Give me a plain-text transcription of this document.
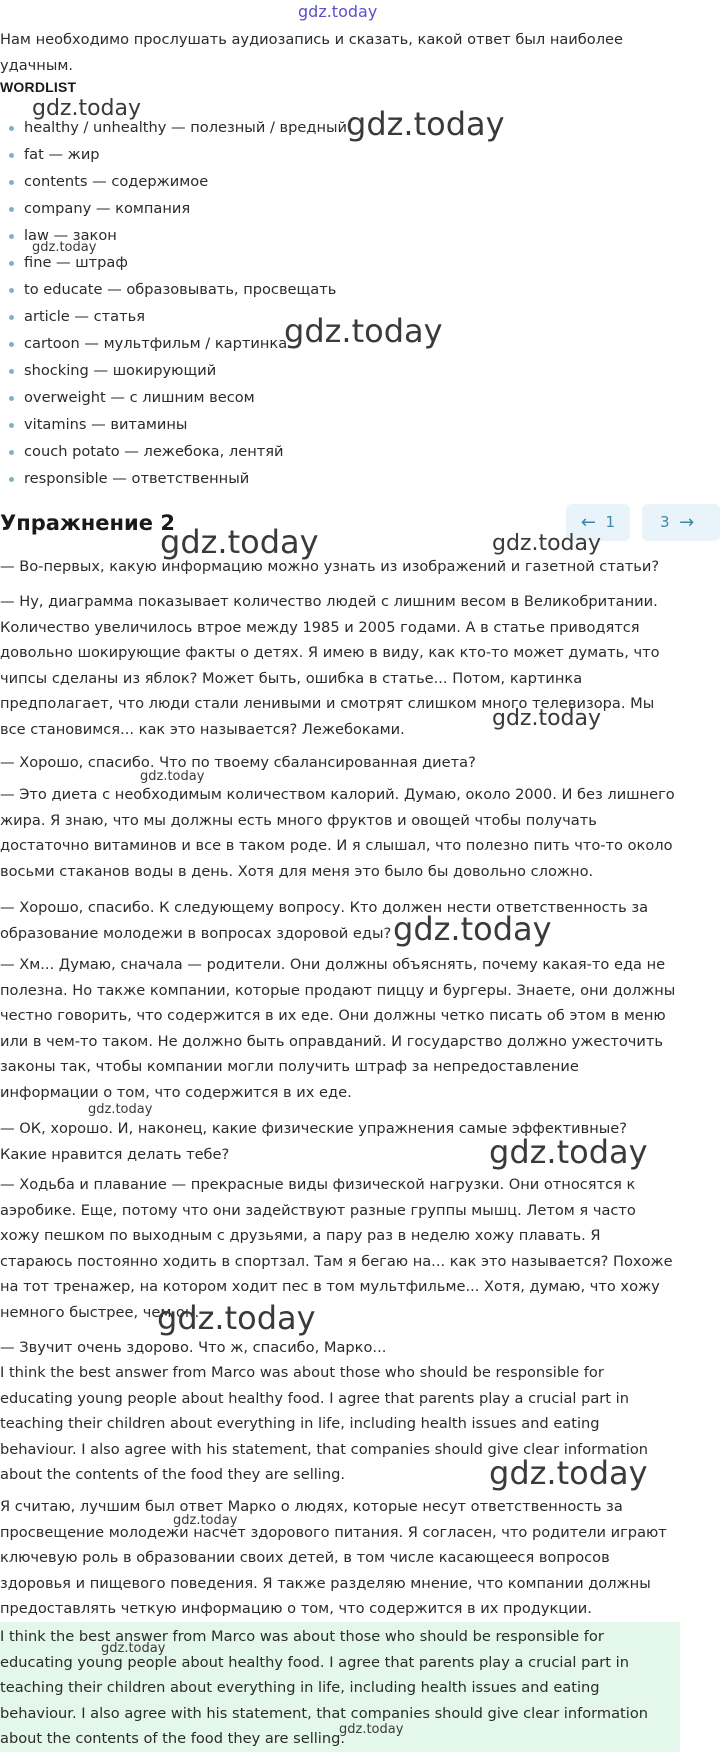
Нам необходимо прослушать аудиозапись и сказать, какой ответ был наиболее удачным.

WORDLIST
healthy / unhealthy — полезный / вредный
fat — жир
contents — содержимое
company — компания
law — закон
fine — штраф
to educate — образовывать, просвещать
article — статья
cartoon — мультфильм / картинка
shocking — шокирующий
overweight — с лишним весом
vitamins — витамины
couch potato — лежебока, лентяй
responsible — ответственный
Упражнение 2	← 1	3 →

— Во-первых, какую информацию можно узнать из изображений и газетной статьи?

— Ну, диаграмма показывает количество людей с лишним весом в Великобритании. Количество увеличилось втрое между 1985 и 2005 годами. А в статье приводятся довольно шокирующие факты о детях. Я имею в виду, как кто-то может думать, что чипсы сделаны из яблок? Может быть, ошибка в статье... Потом, картинка предполагает, что люди стали ленивыми и смотрят слишком много телевизора. Мы все становимся... как это называется? Лежебоками.

— Хорошо, спасибо. Что по твоему сбалансированная диета?

— Это диета с необходимым количеством калорий. Думаю, около 2000. И без лишнего жира. Я знаю, что мы должны есть много фруктов и овощей чтобы получать достаточно витаминов и все в таком роде. И я слышал, что полезно пить что-то около восьми стаканов воды в день. Хотя для меня это было бы довольно сложно.

— Хорошо, спасибо. К следующему вопросу. Кто должен нести ответственность за образование молодежи в вопросах здоровой еды?

— Хм... Думаю, сначала — родители. Они должны объяснять, почему какая-то еда не полезна. Но также компании, которые продают пиццу и бургеры. Знаете, они должны честно говорить, что содержится в их еде. Они должны четко писать об этом в меню или в чем-то таком. Не должно быть оправданий. И государство должно ужесточить законы так, чтобы компании могли получить штраф за непредоставление информации о том, что содержится в их еде.

— ОК, хорошо. И, наконец, какие физические упражнения самые эффективные? Какие нравится делать тебе?

— Ходьба и плавание — прекрасные виды физической нагрузки. Они относятся к аэробике. Еще, потому что они задействуют разные группы мышц. Летом я часто хожу пешком по выходным с друзьями, а пару раз в неделю хожу плавать. Я стараюсь постоянно ходить в спортзал. Там я бегаю на... как это называется? Похоже на тот тренажер, на котором ходит пес в том мультфильме... Хотя, думаю, что хожу немного быстрее, чем он.

— Звучит очень здорово. Что ж, спасибо, Марко...

I think the best answer from Marco was about those who should be responsible for educating young people about healthy food. I agree that parents play a crucial part in teaching their children about everything in life, including health issues and eating behaviour. I also agree with his statement, that companies should give clear information about the contents of the food they are selling.

Я считаю, лучшим был ответ Марко о людях, которые несут ответственность за просвещение молодежи насчет здорового питания. Я согласен, что родители играют ключевую роль в образовании своих детей, в том числе касающееся вопросов здоровья и пищевого поведения. Я также разделяю мнение, что компании должны предоставлять четкую информацию о том, что содержится в их продукции.

I think the best answer from Marco was about those who should be responsible for educating young people about healthy food. I agree that parents play a crucial part in teaching their children about everything in life, including health issues and eating behaviour. I also agree with his statement, that companies should give clear information about the contents of the food they are selling.

gdz.today
gdz.today	gdz.today
gdz.today
gdz.today
gdz.today	gdz.today
gdz.today
gdz.today
gdz.today
gdz.today
gdz.today
gdz.today
gdz.today
gdz.today
gdz.today
gdz.today
